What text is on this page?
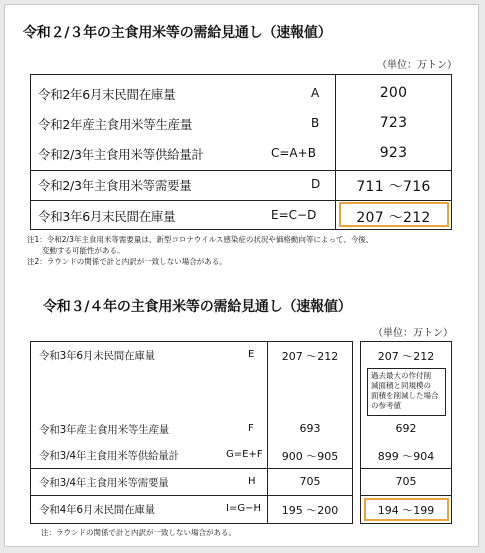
令和２/３年の主食用米等の需給見通し（速報値）
（単位：万トン）
令和2年6月末民間在庫量	A	200
令和2年産主食用米等生産量	B	723
令和2/3年主食用米等供給量計	C=A+B	923
令和2/3年主食用米等需要量	D	711 ～716
令和3年6月末民間在庫量	E=C−D	207 ～212
注1：令和2/3年主食用米等需要量は、新型コロナウイルス感染症の状況や価格動向等によって、今後、
　　変動する可能性がある。
注2：ラウンドの関係で計と内訳が一致しない場合がある。
令和３/４年の主食用米等の需給見通し（速報値）
（単位：万トン）
過去最大の作付削
減面積と同規模の
面積を削減した場合
の参考値
令和3年6月末民間在庫量	E	207 ～212	207 ～212
令和3年産主食用米等生産量	F	693	692
令和3/4年主食用米等供給量計	G=E+F	900 ～905	899 ～904
令和3/4年主食用米等需要量	H	705	705
令和4年6月末民間在庫量	I=G−H	195 ～200	194 ～199
注：ラウンドの関係で計と内訳が一致しない場合がある。
